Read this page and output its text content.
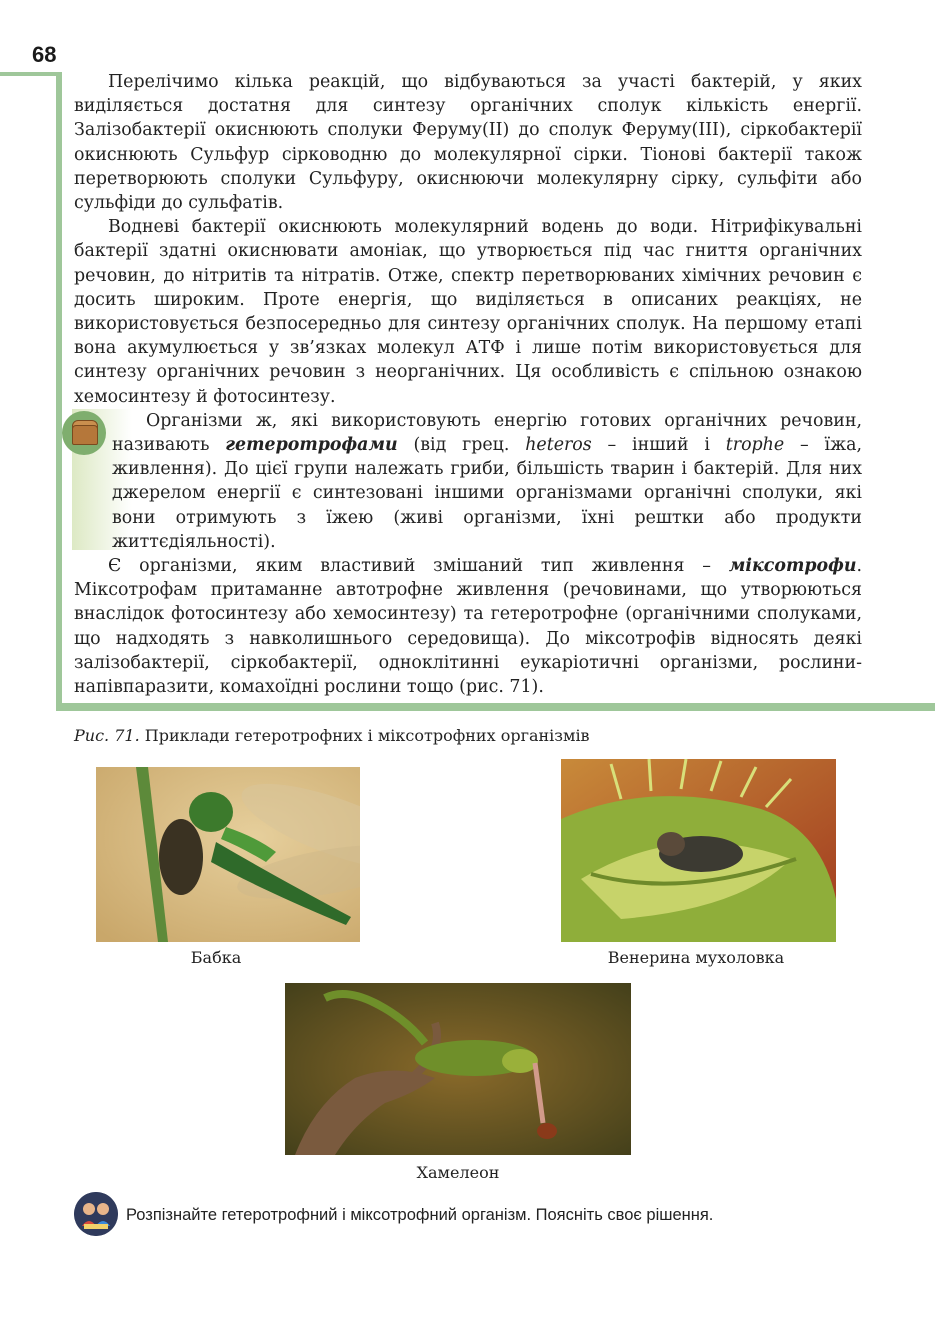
68

Перелічимо кілька реакцій, що відбуваються за участі бактерій, у яких виділяється достатня для синтезу органічних сполук кількість енергії. Залізобактерії окиснюють сполуки Феруму(II) до сполук Феруму(III), сіркобактерії окиснюють Сульфур сірководню до молекулярної сірки. Тіонові бактерії також перетворюють сполуки Сульфуру, окиснюючи молекулярну сірку, сульфіти або сульфіди до сульфатів.

Водневі бактерії окиснюють молекулярний водень до води. Нітрифікувальні бактерії здатні окиснювати амоніак, що утворюється під час гниття органічних речовин, до нітритів та нітратів. Отже, спектр перетворюваних хімічних речовин є досить широким. Проте енергія, що виділяється в описаних реакціях, не використовується безпосередньо для синтезу органічних сполук. На першому етапі вона акумулюється у зв’язках молекул АТФ і лише потім використовується для синтезу органічних речовин з неорганічних. Ця особливість є спільною ознакою хемосинтезу й фотосинтезу.

Організми ж, які використовують енергію готових органічних речовин, називають гетеротрофами (від грец. heteros – інший і trophe – їжа, живлення). До цієї групи належать гриби, більшість тварин і бактерій. Для них джерелом енергії є синтезовані іншими організмами органічні сполуки, які вони отримують з їжею (живі організми, їхні рештки або продукти життєдіяльності).

Є організми, яким властивий змішаний тип живлення – міксотрофи. Міксотрофам притаманне автотрофне живлення (речовинами, що утворюються внаслідок фотосинтезу або хемосинтезу) та гетеротрофне (органічними сполуками, що надходять з навколишнього середовища). До міксотрофів відносять деякі залізобактерії, сіркобактерії, одноклітинні еукаріотичні організми, рослини-напівпаразити, комахоїдні рослини тощо (рис. 71).

Рис. 71. Приклади гетеротрофних і міксотрофних організмів
Бабка	Венерина мухоловка
Хамелеон
Розпізнайте гетеротрофний і міксотрофний організм. Поясніть своє рішення.
